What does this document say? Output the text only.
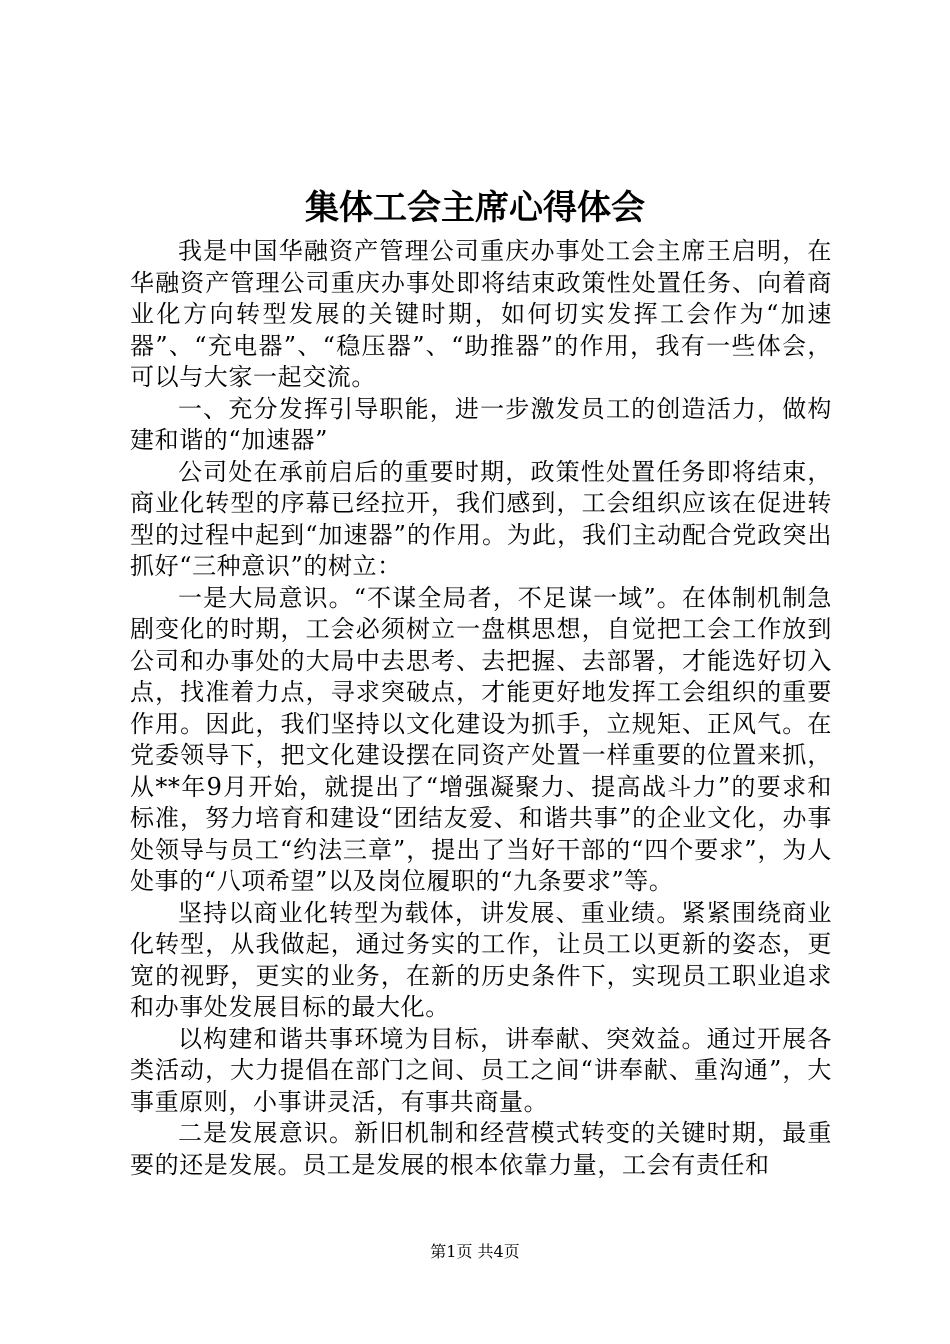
集体工会主席心得体会

我是中国华融资产管理公司重庆办事处工会主席王启明，在华融资产管理公司重庆办事处即将结束政策性处置任务、向着商业化方向转型发展的关键时期，如何切实发挥工会作为“加速器”、“充电器”、“稳压器”、“助推器”的作用，我有一些体会，可以与大家一起交流。

一、充分发挥引导职能，进一步激发员工的创造活力，做构建和谐的“加速器”

公司处在承前启后的重要时期，政策性处置任务即将结束，商业化转型的序幕已经拉开，我们感到，工会组织应该在促进转型的过程中起到“加速器”的作用。为此，我们主动配合党政突出抓好“三种意识”的树立：

一是大局意识。“不谋全局者，不足谋一域”。在体制机制急剧变化的时期，工会必须树立一盘棋思想，自觉把工会工作放到公司和办事处的大局中去思考、去把握、去部署，才能选好切入点，找准着力点，寻求突破点，才能更好地发挥工会组织的重要作用。因此，我们坚持以文化建设为抓手，立规矩、正风气。在党委领导下，把文化建设摆在同资产处置一样重要的位置来抓，从**年9月开始，就提出了“增强凝聚力、提高战斗力”的要求和标准，努力培育和建设“团结友爱、和谐共事”的企业文化，办事处领导与员工“约法三章”，提出了当好干部的“四个要求”，为人处事的“八项希望”以及岗位履职的“九条要求”等。

坚持以商业化转型为载体，讲发展、重业绩。紧紧围绕商业化转型，从我做起，通过务实的工作，让员工以更新的姿态，更宽的视野，更实的业务，在新的历史条件下，实现员工职业追求和办事处发展目标的最大化。

以构建和谐共事环境为目标，讲奉献、突效益。通过开展各类活动，大力提倡在部门之间、员工之间“讲奉献、重沟通”，大事重原则，小事讲灵活，有事共商量。

二是发展意识。新旧机制和经营模式转变的关键时期，最重要的还是发展。员工是发展的根本依靠力量，工会有责任和

第1页 共4页
